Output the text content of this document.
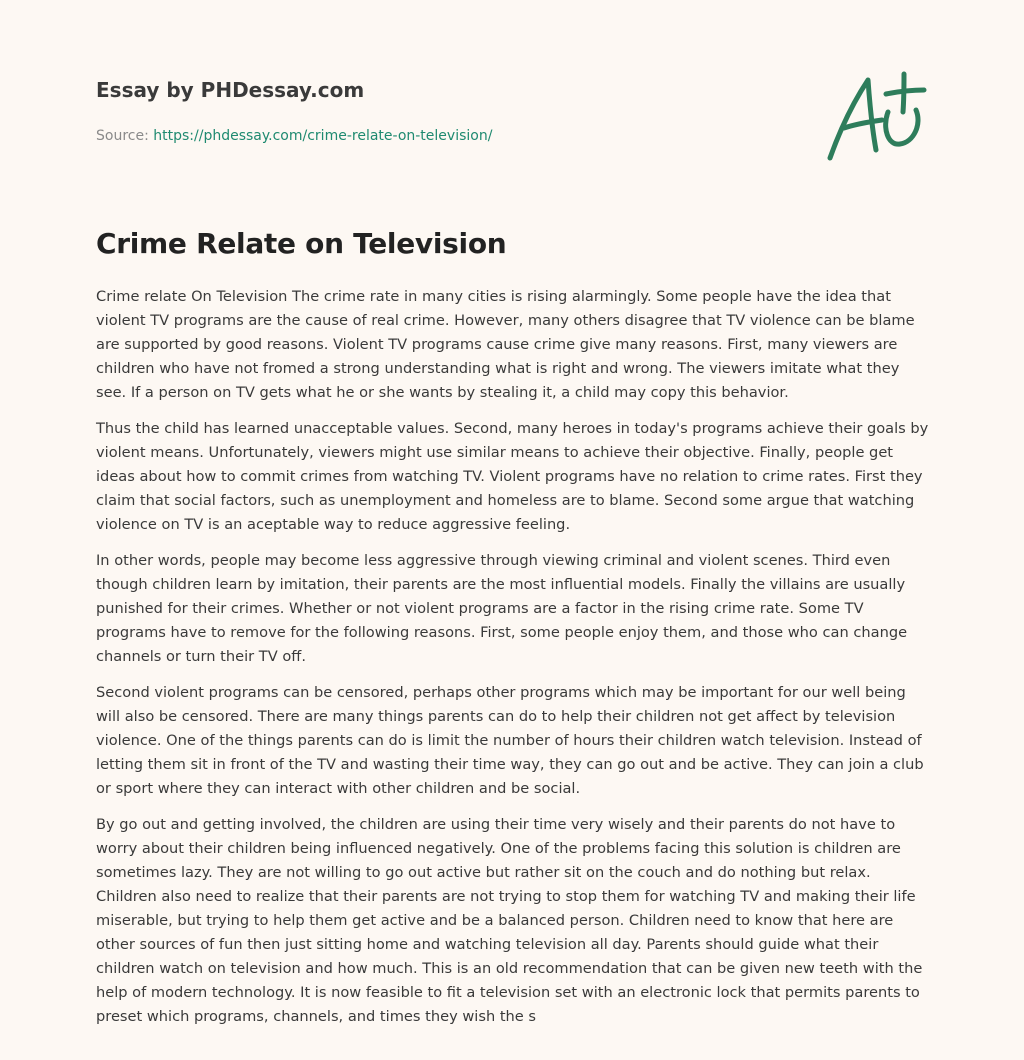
Essay by PHDessay.com
Source: https://phdessay.com/crime-relate-on-television/
Crime Relate on Television

Crime relate On Television The crime rate in many cities is rising alarmingly. Some people have the idea that violent TV programs are the cause of real crime. However, many others disagree that TV violence can be blame are supported by good reasons. Violent TV programs cause crime give many reasons. First, many viewers are children who have not fromed a strong understanding what is right and wrong. The viewers imitate what they see. If a person on TV gets what he or she wants by stealing it, a child may copy this behavior.

Thus the child has learned unacceptable values. Second, many heroes in today's programs achieve their goals by violent means. Unfortunately, viewers might use similar means to achieve their objective. Finally, people get ideas about how to commit crimes from watching TV. Violent programs have no relation to crime rates. First they claim that social factors, such as unemployment and homeless are to blame. Second some argue that watching violence on TV is an aceptable way to reduce aggressive feeling.

In other words, people may become less aggressive through viewing criminal and violent scenes. Third even though children learn by imitation, their parents are the most influential models. Finally the villains are usually punished for their crimes. Whether or not violent programs are a factor in the rising crime rate. Some TV programs have to remove for the following reasons. First, some people enjoy them, and those who can change channels or turn their TV off.

Second violent programs can be censored, perhaps other programs which may be important for our well being will also be censored. There are many things parents can do to help their children not get affect by television violence. One of the things parents can do is limit the number of hours their children watch television. Instead of letting them sit in front of the TV and wasting their time way, they can go out and be active. They can join a club or sport where they can interact with other children and be social.

By go out and getting involved, the children are using their time very wisely and their parents do not have to worry about their children being influenced negatively. One of the problems facing this solution is children are sometimes lazy. They are not willing to go out active but rather sit on the couch and do nothing but relax. Children also need to realize that their parents are not trying to stop them for watching TV and making their life miserable, but trying to help them get active and be a balanced person. Children need to know that here are other sources of fun then just sitting home and watching television all day. Parents should guide what their children watch on television and how much. This is an old recommendation that can be given new teeth with the help of modern technology. It is now feasible to fit a television set with an electronic lock that permits parents to preset which programs, channels, and times they wish the s
